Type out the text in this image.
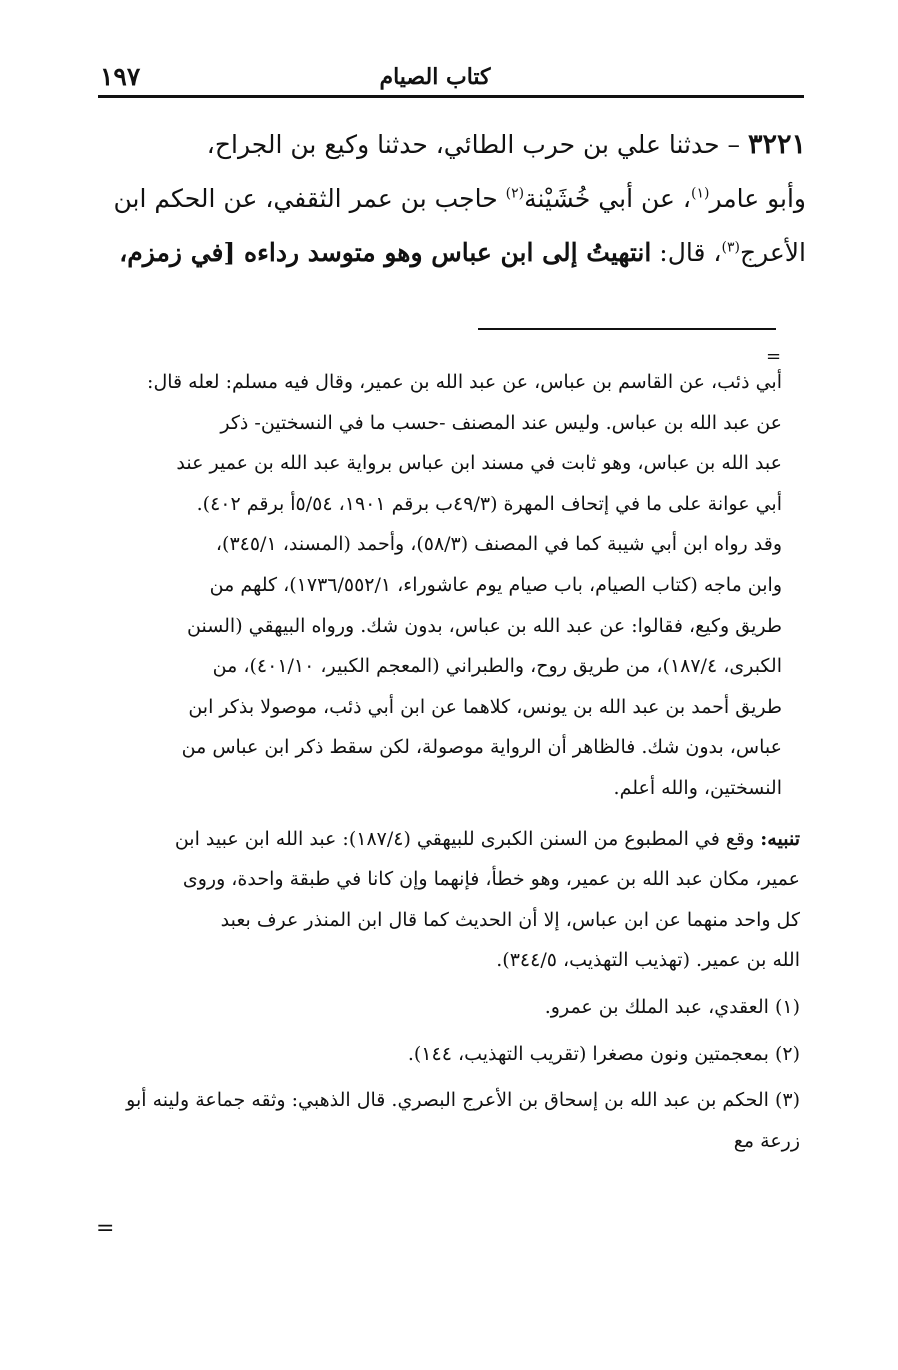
١٩٧	كتاب الصيام
٣٢٢١ – حدثنا علي بن حرب الطائي، حدثنا وكيع بن الجراح،
وأبو عامر$^{(١)}$، عن أبي خُشَيْنة$^{(٢)}$ حاجب بن عمر الثقفي، عن الحكم ابن
الأعرج$^{(٣)}$، قال: انتهيتُ إلى ابن عباس وهو متوسد رداءه [في زمزم،
=

أبي ذئب، عن القاسم بن عباس، عن عبد الله بن عمير، وقال فيه مسلم: لعله قال:
عن عبد الله بن عباس. وليس عند المصنف -حسب ما في النسختين- ذكر
عبد الله بن عباس، وهو ثابت في مسند ابن عباس برواية عبد الله بن عمير عند
أبي عوانة على ما في إتحاف المهرة (٤٩/٣ب برقم ١٩٠١، ٥/٥٤أ برقم ٤٠٢).
وقد رواه ابن أبي شيبة كما في المصنف (٥٨/٣)، وأحمد (المسند، ٣٤٥/١)،
وابن ماجه (كتاب الصيام، باب صيام يوم عاشوراء، ١٧٣٦/٥٥٢/١)، كلهم من
طريق وكيع، فقالوا: عن عبد الله بن عباس، بدون شك. ورواه البيهقي (السنن
الكبرى، ١٨٧/٤)، من طريق روح، والطبراني (المعجم الكبير، ٤٠١/١٠)، من
طريق أحمد بن عبد الله بن يونس، كلاهما عن ابن أبي ذئب، موصولا بذكر ابن
عباس، بدون شك. فالظاهر أن الرواية موصولة، لكن سقط ذكر ابن عباس من
النسختين، والله أعلم.

تنبيه: وقع في المطبوع من السنن الكبرى للبيهقي (١٨٧/٤): عبد الله ابن عبيد ابن
عمير، مكان عبد الله بن عمير، وهو خطأ، فإنهما وإن كانا في طبقة واحدة، وروى
كل واحد منهما عن ابن عباس، إلا أن الحديث كما قال ابن المنذر عرف بعبد
الله بن عمير. (تهذيب التهذيب، ٣٤٤/٥).

(١) العقدي، عبد الملك بن عمرو.

(٢) بمعجمتين ونون مصغرا (تقريب التهذيب، ١٤٤).

(٣) الحكم بن عبد الله بن إسحاق بن الأعرج البصري. قال الذهبي: وثقه جماعة ولينه أبو زرعة مع

=
